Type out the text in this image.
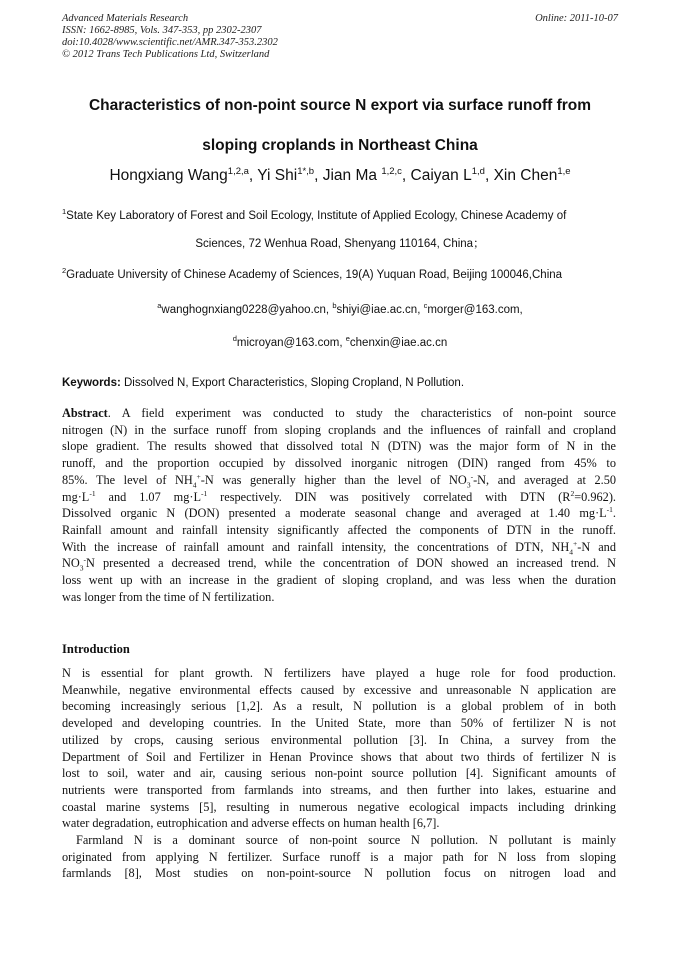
Advanced Materials Research
ISSN: 1662-8985, Vols. 347-353, pp 2302-2307
doi:10.4028/www.scientific.net/AMR.347-353.2302
© 2012 Trans Tech Publications Ltd, Switzerland
Online: 2011-10-07
Characteristics of non-point source N export via surface runoff from
sloping croplands in Northeast China
Hongxiang Wang$^{1,2,a}$, Yi Shi$^{1*,b}$, Jian Ma $^{1,2,c}$, Caiyan L$^{1,d}$, Xin Chen$^{1,e}$
$^1$State Key Laboratory of Forest and Soil Ecology, Institute of Applied Ecology, Chinese Academy of
Sciences, 72 Wenhua Road, Shenyang 110164, China；
$^2$Graduate University of Chinese Academy of Sciences, 19(A) Yuquan Road, Beijing 100046,China
$^a$wanghognxiang0228@yahoo.cn, $^b$shiyi@iae.ac.cn, $^c$morger@163.com,
$^d$microyan@163.com, $^e$chenxin@iae.ac.cn
Keywords: Dissolved N, Export Characteristics, Sloping Cropland, N Pollution.
Abstract. A field experiment was conducted to study the characteristics of non-point source
nitrogen (N) in the surface runoff from sloping croplands and the influences of rainfall and cropland
slope gradient. The results showed that dissolved total N (DTN) was the major form of N in the
runoff, and the proportion occupied by dissolved inorganic nitrogen (DIN) ranged from 45% to
85%. The level of $NH_4^+-N$ was generally higher than the level of $NO_3^--N$, and averaged at 2.50
$mg\cdot L^{-1}$ and 1.07 $mg\cdot L^{-1}$ respectively. DIN was positively correlated with DTN $(R^2=0.962)$.
Dissolved organic N (DON) presented a moderate seasonal change and averaged at 1.40 $mg\cdot L^{-1}$.
Rainfall amount and rainfall intensity significantly affected the components of DTN in the runoff.
With the increase of rainfall amount and rainfall intensity, the concentrations of DTN, $NH_4^+-N$ and
$NO_3^-N$ presented a decreased trend, while the concentration of DON showed an increased trend. N
loss went up with an increase in the gradient of sloping cropland, and was less when the duration
was longer from the time of N fertilization.
Introduction
N is essential for plant growth. N fertilizers have played a huge role for food production.
Meanwhile, negative environmental effects caused by excessive and unreasonable N application are
becoming increasingly serious [1,2]. As a result, N pollution is a global problem of in both
developed and developing countries. In the United State, more than 50% of fertilizer N is not
utilized by crops, causing serious environmental pollution [3]. In China, a survey from the
Department of Soil and Fertilizer in Henan Province shows that about two thirds of fertilizer N is
lost to soil, water and air, causing serious non-point source pollution [4]. Significant amounts of
nutrients were transported from farmlands into streams, and then further into lakes, estuarine and
coastal marine systems [5], resulting in numerous negative ecological impacts including drinking
water degradation, eutrophication and adverse effects on human health [6,7].
Farmland N is a dominant source of non-point source N pollution. N pollutant is mainly
originated from applying N fertilizer. Surface runoff is a major path for N loss from sloping
farmlands [8], Most studies on non-point-source N pollution focus on nitrogen load and
